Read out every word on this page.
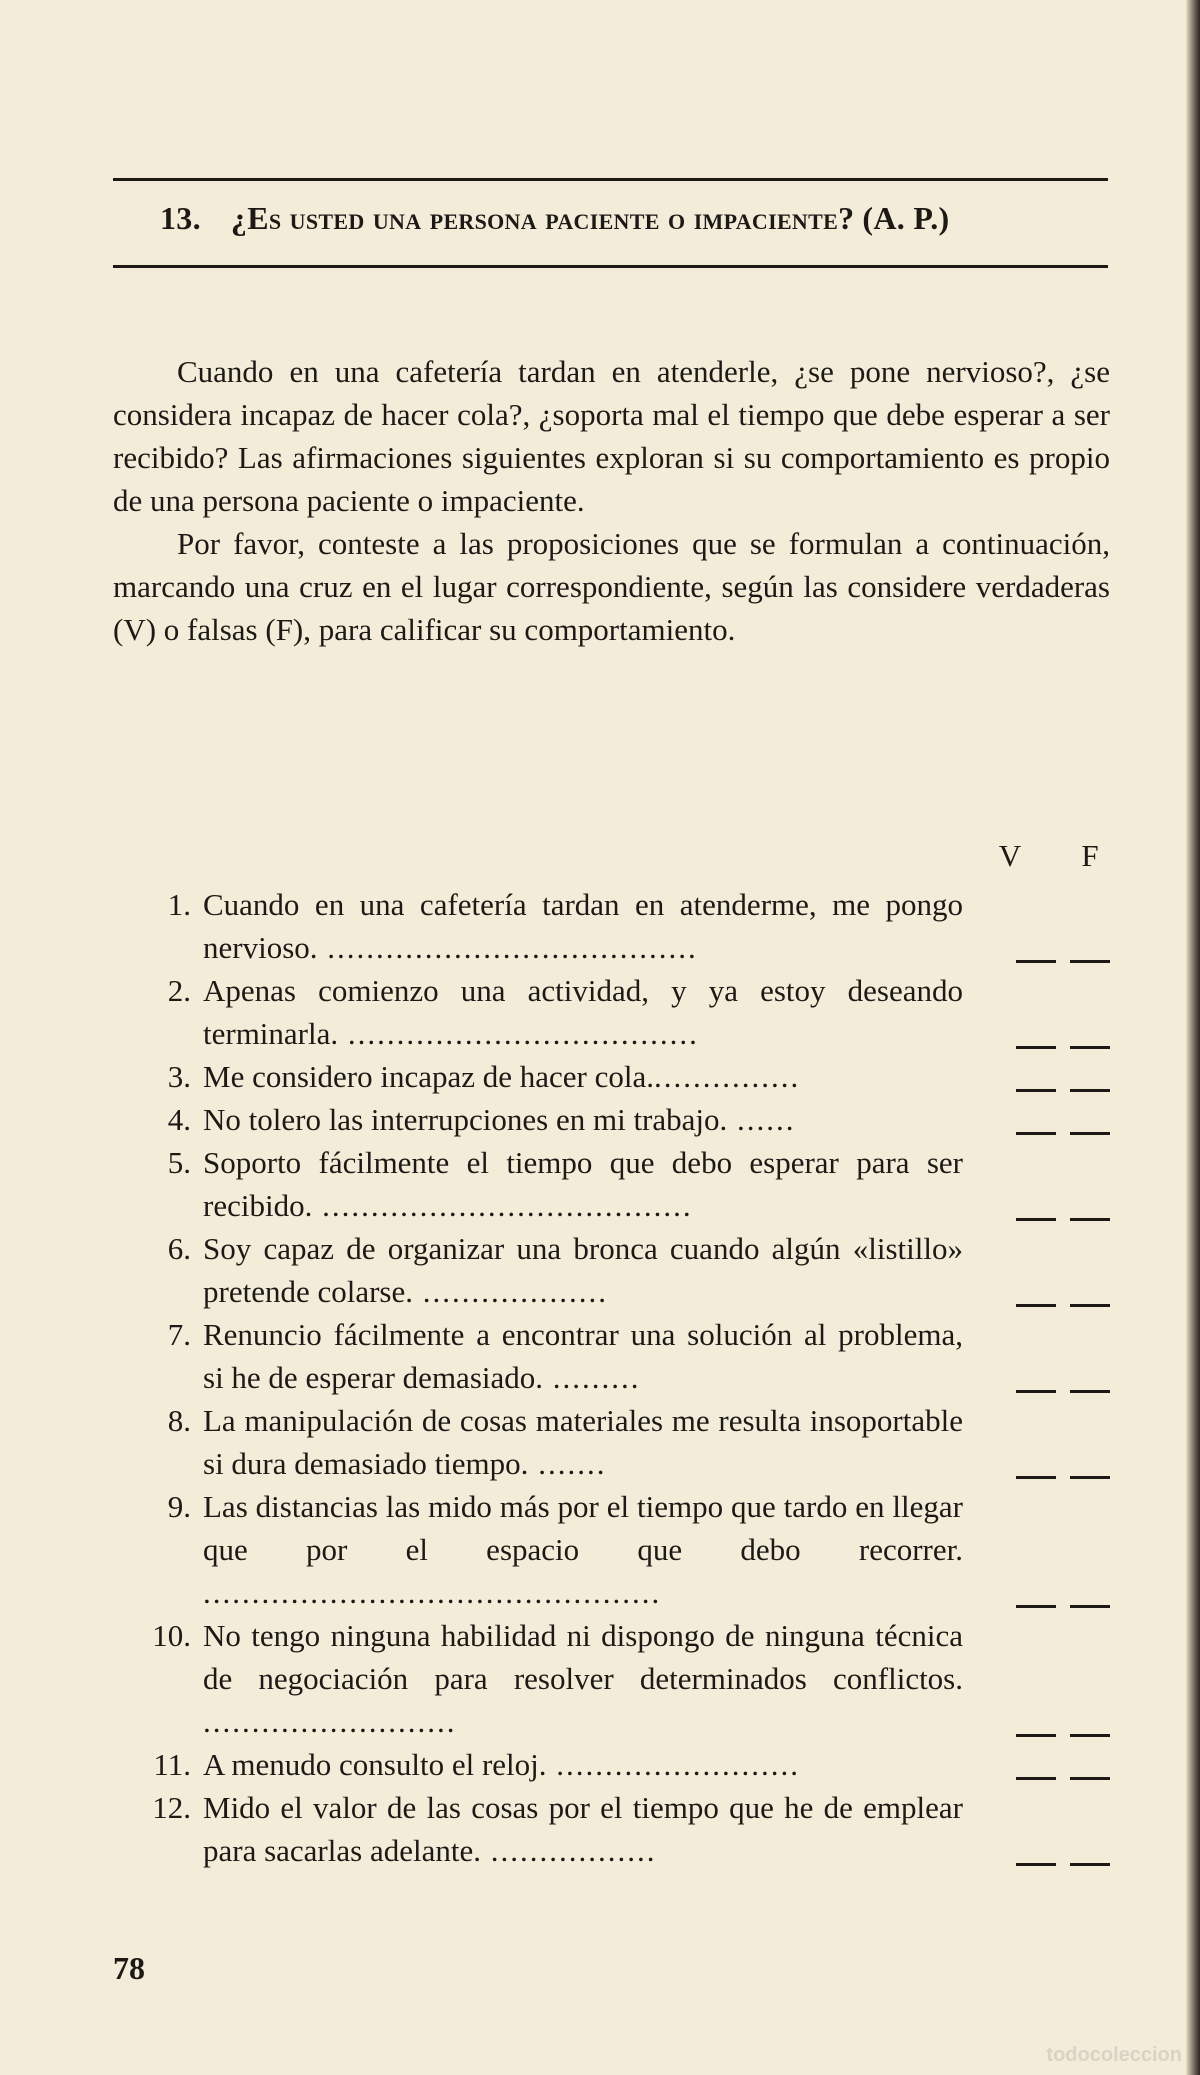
13. ¿Es usted una persona paciente o impaciente? (A. P.)

Cuando en una cafetería tardan en atenderle, ¿se pone nervioso?, ¿se considera incapaz de hacer cola?, ¿soporta mal el tiempo que debe esperar a ser recibido? Las afirmaciones siguientes exploran si su comportamiento es propio de una persona paciente o impaciente.

Por favor, conteste a las proposiciones que se formulan a continuación, marcando una cruz en el lugar correspondiente, según las considere verdaderas (V) o falsas (F), para calificar su comportamiento.

V	F
1. Cuando en una cafetería tardan en atenderme, me pongo nervioso. ......................................
2. Apenas comienzo una actividad, y ya estoy deseando terminarla. ....................................
3. Me considero incapaz de hacer cola................
4. No tolero las interrupciones en mi trabajo. ......
5. Soporto fácilmente el tiempo que debo esperar para ser recibido. ......................................
6. Soy capaz de organizar una bronca cuando algún «listillo» pretende colarse. ...................
7. Renuncio fácilmente a encontrar una solución al problema, si he de esperar demasiado. .........
8. La manipulación de cosas materiales me resulta insoportable si dura demasiado tiempo. .......
9. Las distancias las mido más por el tiempo que tardo en llegar que por el espacio que debo recorrer. ...............................................
10. No tengo ninguna habilidad ni dispongo de ninguna técnica de negociación para resolver determinados conflictos. ..........................
11. A menudo consulto el reloj. .........................
12. Mido el valor de las cosas por el tiempo que he de emplear para sacarlas adelante. .................
78
todocoleccion
